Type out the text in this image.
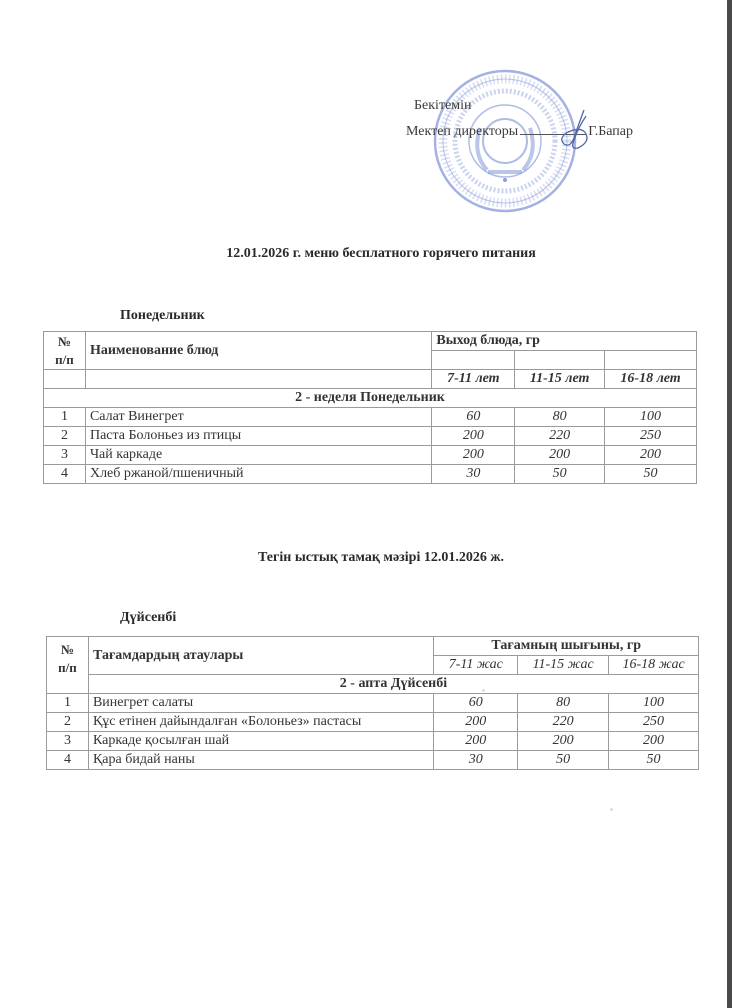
Бекітемін
Мектеп директоры	Г.Бапар
12.01.2026 г. меню бесплатного горячего питания
Понедельник
№
п/п	Наименование блюд	Выход блюда, гр		

		7-11 лет	11-15 лет	16-18 лет
2 - неделя Понедельник				
1	Салат Винегрет	60	80	100
2	Паста Болоньез из птицы	200	220	250
3	Чай каркаде	200	200	200
4	Хлеб ржаной/пшеничный	30	50	50
Тегін ыстық тамақ мәзірі 12.01.2026 ж.
Дүйсенбі
№
п/п	Тағамдардың атаулары	Тағамның шығыны, гр		
		7-11 жас	11-15 жас	16-18 жас
	2 - апта Дүйсенбі			
1	Винегрет салаты	60	80	100
2	Құс етінен дайындалған «Болоньез» пастасы	200	220	250
3	Каркаде қосылған шай	200	200	200
4	Қара бидай наны	30	50	50
